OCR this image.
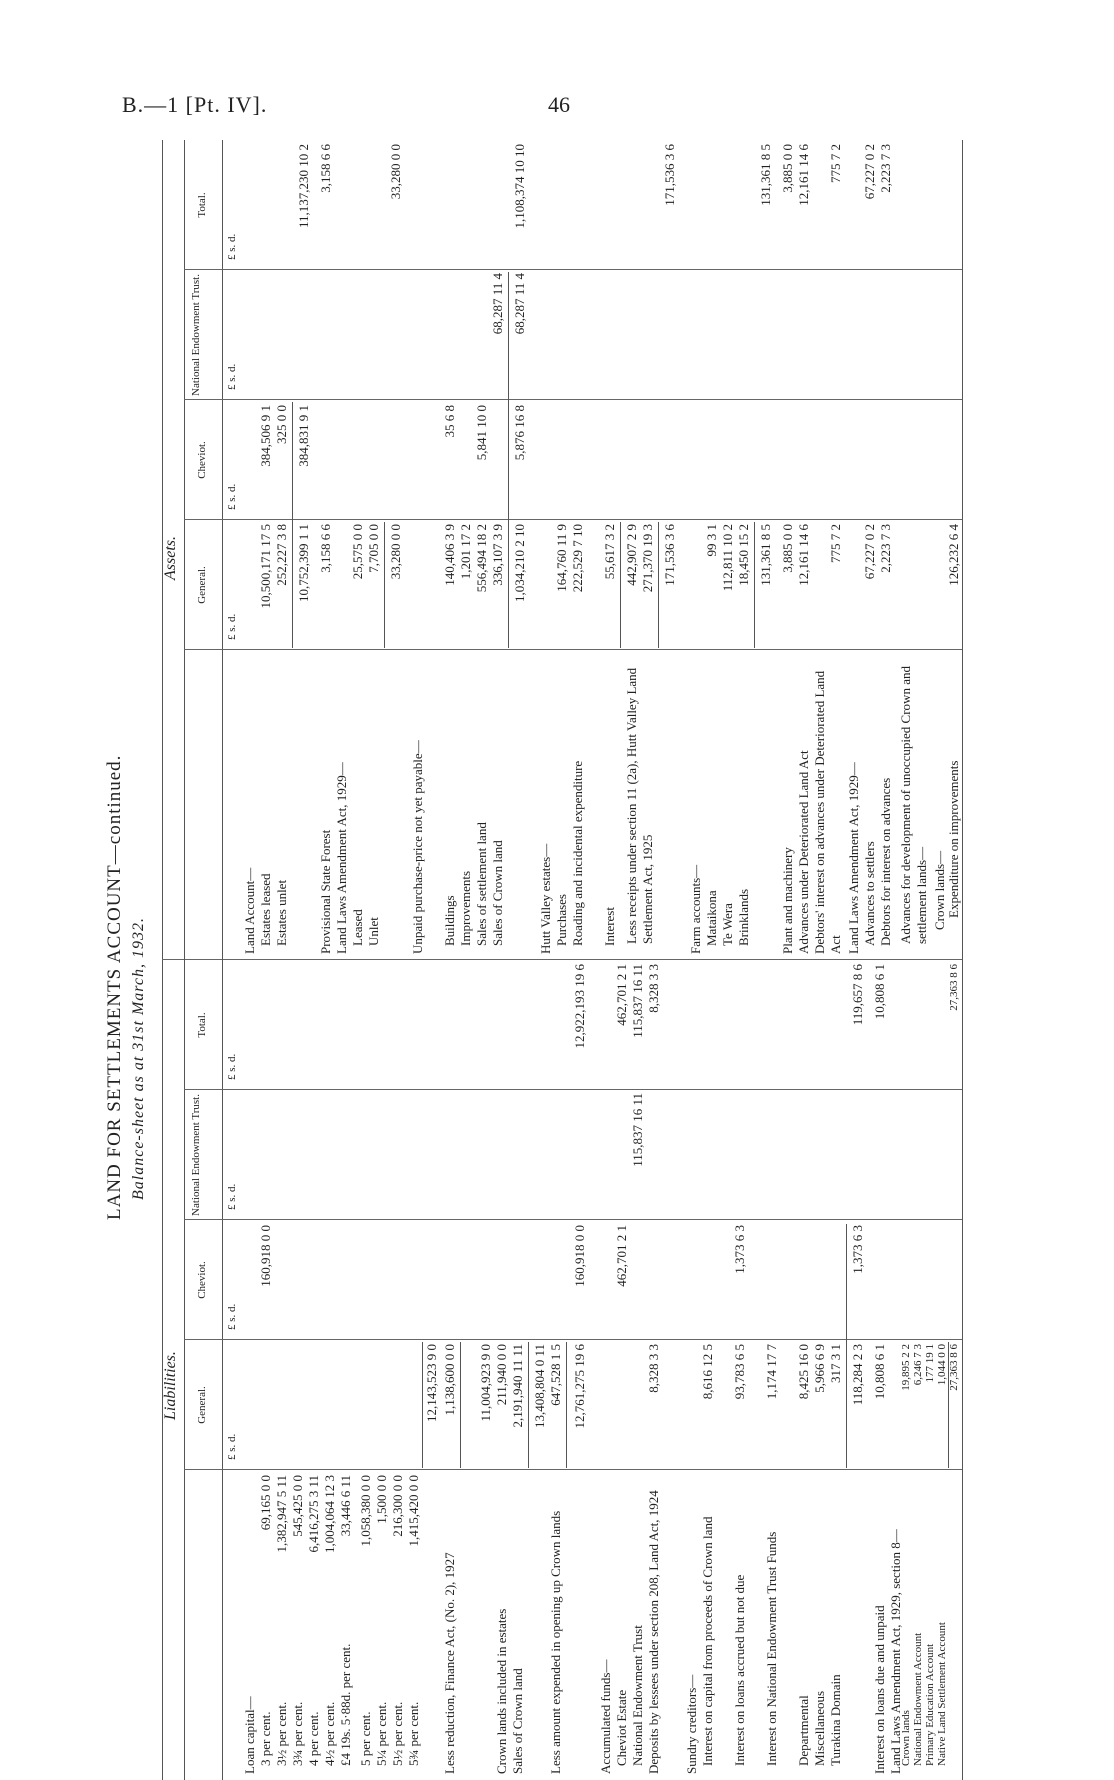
B.—1 [Pt. IV].	46
LAND FOR SETTLEMENTS ACCOUNT—continued. Balance-sheet as at 31st March, 1932.
Liabilities. General.
Cheviot.
National Endowment Trust.
Total.
£ s. d.
£ s. d.
£ s. d.
£ s. d.
Loan capital— 3 per cent.
69,165 0 0
3½ per cent.
1,382,947 5 11
3¾ per cent.
545,425 0 0
4 per cent.
6,416,275 3 11
4½ per cent.
1,004,064 12 3
£4 19s. 5·88d. per cent.
33,446 6 11
5 per cent.
1,058,380 0 0
5¼ per cent.
1,500 0 0
5½ per cent.
216,300 0 0
5¾ per cent.
1,415,420 0 0
160,918 0 0
12,143,523 9 0
Less reduction, Finance Act, (No. 2), 1927
1,138,600 0 0 11,004,923 9 0
Crown lands included in estates
211,940 0 0
Sales of Crown land
2,191,940 11 11 13,408,804 0 11
Less amount expended in opening up Crown lands
647,528 1 5 12,761,275 19 6
160,918 0 0
12,922,193 19 6
Accumulated funds— Cheviot Estate
462,701 2 1
462,701 2 1
National Endowment Trust
115,837 16 11
115,837 16 11
Deposits by lessees under section 208, Land Act, 1924
8,328 3 3
8,328 3 3
Sundry creditors— Interest on capital from proceeds of Crown land
8,616 12 5
Interest on loans accrued but not due
93,783 6 5
1,373 6 3
Interest on National Endowment Trust Funds
1,174 17 7
Departmental
8,425 16 0
Miscellaneous
5,966 6 9
Turakina Domain
317 3 1 118,284 2 3
1,373 6 3
119,657 8 6
Interest on loans due and unpaid
10,808 6 1
10,808 6 1
Land Laws Amendment Act, 1929, section 8—
Crown lands
19,895 2 2
National Endowment Account
6,246 7 3
Primary Education Account
177 19 1
Native Land Settlement Account
1,044 0 0 27,363 8 6
27,363 8 6
Assets.
General.
Cheviot.
National Endowment Trust.
Total.
£ s. d.
£ s. d.
£ s. d.
£ s. d.
Land Account— Estates leased
10,500,171 17 5
384,506 9 1
Estates unlet
252,227 3 8
325 0 0
10,752,399 1 1
384,831 9 1
11,137,230 10 2
Provisional State Forest
3,158 6 6
3,158 6 6
Land Laws Amendment Act, 1929— Leased
25,575 0 0
Unlet
7,705 0 0 33,280 0 0
33,280 0 0
Unpaid purchase-price not yet payable— Buildings
140,406 3 9
35 6 8
Improvements
1,201 17 2
Sales of settlement land
556,494 18 2
5,841 10 0
Sales of Crown land
336,107 3 9
68,287 11 4
1,034,210 2 10
5,876 16 8
68,287 11 4
1,108,374 10 10
Hutt Valley estates— Purchases
164,760 11 9
Roading and incidental expenditure
222,529 7 10
Interest
55,617 3 2 442,907 2 9
Less receipts under section 11 (2a), Hutt Valley Land Settlement Act, 1925
271,370 19 3 171,536 3 6
171,536 3 6
Farm accounts— Mataikona
99 3 1
Te Wera
112,811 10 2
Brinklands
18,450 15 2 131,361 8 5
131,361 8 5
Plant and machinery
3,885 0 0
3,885 0 0
Advances under Deteriorated Land Act
12,161 14 6
12,161 14 6
Debtors' interest on advances under Deteriorated Land Act
775 7 2
775 7 2
Land Laws Amendment Act, 1929— Advances to settlers
67,227 0 2
67,227 0 2
Debtors for interest on advances
2,223 7 3
2,223 7 3
Advances for development of unoccupied Crown and settlement lands— Crown lands— Expenditure on improvements
126,232 6 4
